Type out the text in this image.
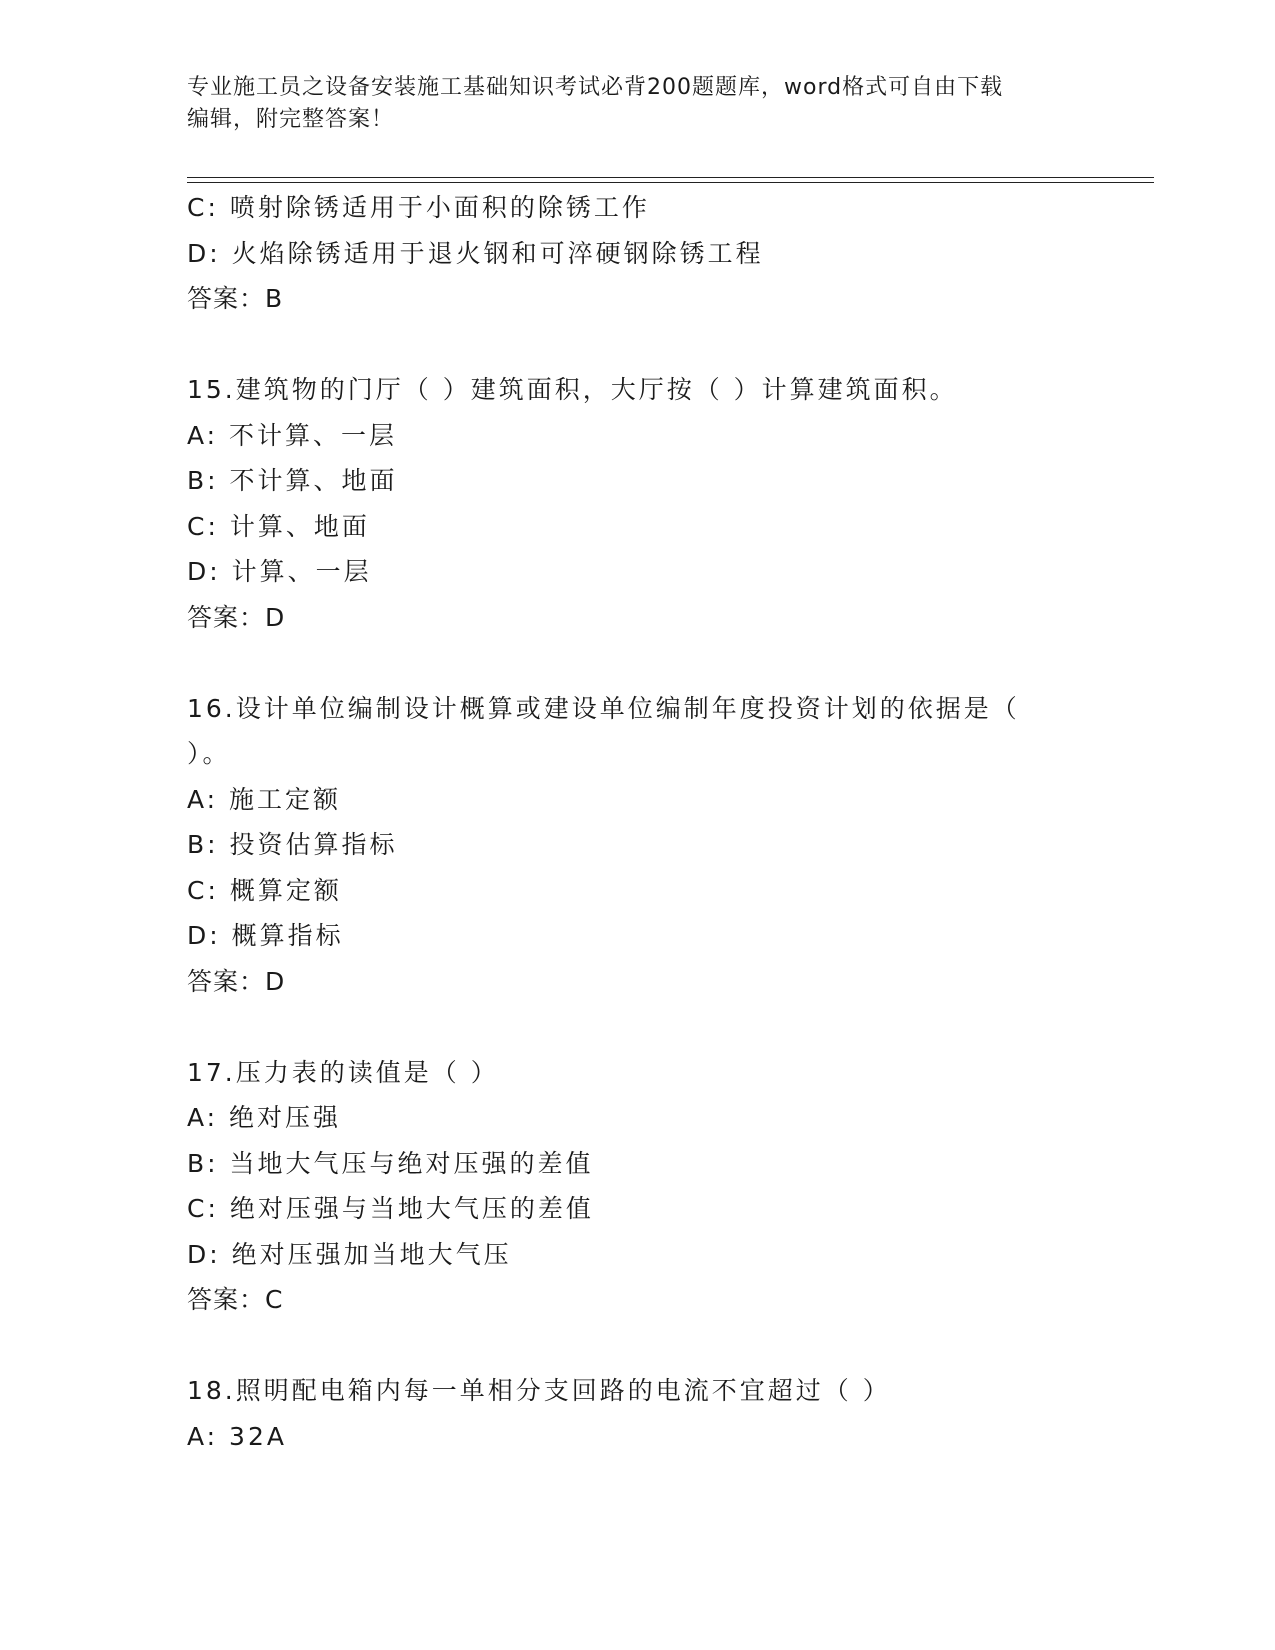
专业施工员之设备安装施工基础知识考试必背200题题库，word格式可自由下载
编辑，附完整答案！
C: 喷射除锈适用于小面积的除锈工作
D: 火焰除锈适用于退火钢和可淬硬钢除锈工程
答案：B
15.建筑物的门厅（ ）建筑面积，大厅按（ ）计算建筑面积。
A: 不计算、一层
B: 不计算、地面
C: 计算、地面
D: 计算、一层
答案：D
16.设计单位编制设计概算或建设单位编制年度投资计划的依据是（
）。
A: 施工定额
B: 投资估算指标
C: 概算定额
D: 概算指标
答案：D
17.压力表的读值是（ ）
A: 绝对压强
B: 当地大气压与绝对压强的差值
C: 绝对压强与当地大气压的差值
D: 绝对压强加当地大气压
答案：C
18.照明配电箱内每一单相分支回路的电流不宜超过（ ）
A: 32A
